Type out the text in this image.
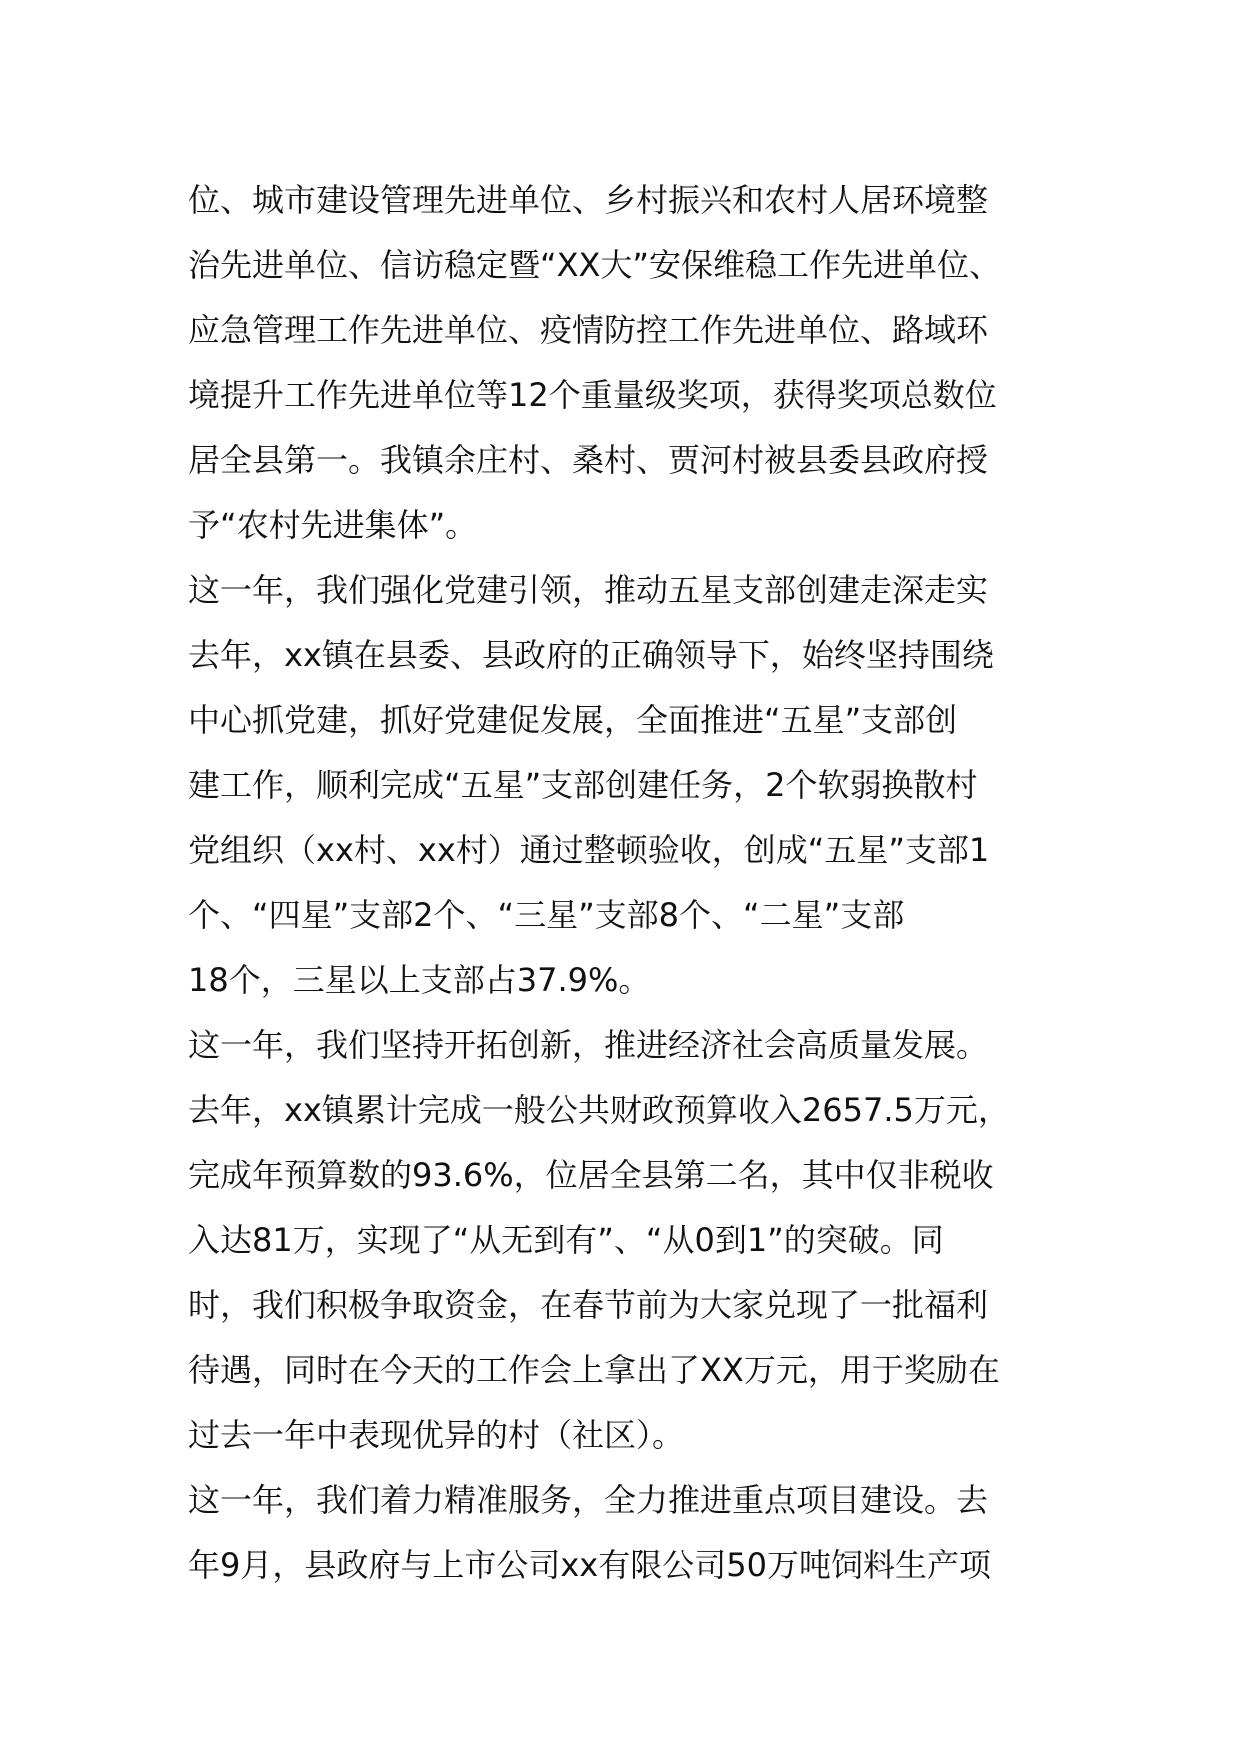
位、城市建设管理先进单位、乡村振兴和农村人居环境整
治先进单位、信访稳定暨“XX大”安保维稳工作先进单位、
应急管理工作先进单位、疫情防控工作先进单位、路域环
境提升工作先进单位等12个重量级奖项，获得奖项总数位
居全县第一。我镇余庄村、桑村、贾河村被县委县政府授
予“农村先进集体”。
这一年，我们强化党建引领，推动五星支部创建走深走实
去年，xx镇在县委、县政府的正确领导下，始终坚持围绕
中心抓党建，抓好党建促发展，全面推进“五星”支部创
建工作，顺利完成“五星”支部创建任务，2个软弱换散村
党组织（xx村、xx村）通过整顿验收，创成“五星”支部1
个、“四星”支部2个、“三星”支部8个、“二星”支部
18个，三星以上支部占37.9%。
这一年，我们坚持开拓创新，推进经济社会高质量发展。
去年，xx镇累计完成一般公共财政预算收入2657.5万元，
完成年预算数的93.6%，位居全县第二名，其中仅非税收
入达81万，实现了“从无到有”、“从0到1”的突破。同
时，我们积极争取资金，在春节前为大家兑现了一批福利
待遇，同时在今天的工作会上拿出了XX万元，用于奖励在
过去一年中表现优异的村（社区）。
这一年，我们着力精准服务，全力推进重点项目建设。去
年9月，县政府与上市公司xx有限公司50万吨饲料生产项
